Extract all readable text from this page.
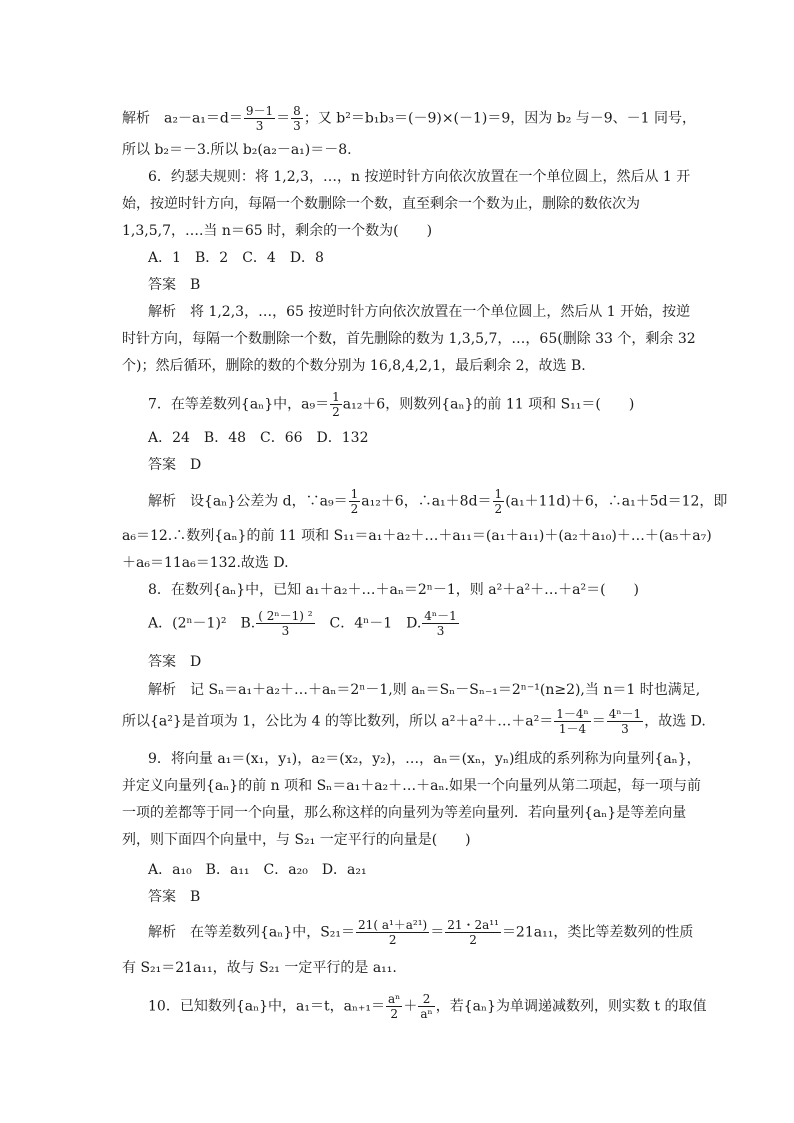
解析　$a_2-a_1=d= \frac{9-1}{3} = \frac{8}{3}$ ；又 b²＝b₁b₃＝(－9)×(－1)＝9，因为 b₂ 与－9、－1 同号，
所以 b₂＝－3.所以 b₂(a₂－a₁)＝－8.
6．约瑟夫规则：将 1,2,3，…，n 按逆时针方向依次放置在一个单位圆上，然后从 1 开
始，按逆时针方向，每隔一个数删除一个数，直至剩余一个数为止，删除的数依次为
1,3,5,7，….当 n＝65 时，剩余的一个数为(　　)
A．1　B．2　C．4　D．8
答案　B
解析　将 1,2,3，…，65 按逆时针方向依次放置在一个单位圆上，然后从 1 开始，按逆
时针方向，每隔一个数删除一个数，首先删除的数为 1,3,5,7，…，65(删除 33 个，剩余 32
个)；然后循环，删除的数的个数分别为 16,8,4,2,1，最后剩余 2，故选 B.
7．在等差数列{aₙ}中，$a_9= \frac{1}{2} a_{12}+6$，则数列{aₙ}的前 11 项和 S₁₁＝(　　)
A．24　B．48　C．66　D．132
答案　D
解析　设{aₙ}公差为 d，∵a₉＝ $\frac{1}{2} a_{12}+6$，∴a₁＋8d＝ $\frac{1}{2} (a_1+11d)+6$，∴a₁＋5d＝12，即
a₆＝12.∴数列{aₙ}的前 11 项和 S₁₁＝a₁＋a₂＋…＋a₁₁＝(a₁＋a₁₁)＋(a₂＋a₁₀)＋…＋(a₅＋a₇)
＋a₆＝11a₆＝132.故选 D.
8．在数列{aₙ}中，已知 a₁＋a₂＋…＋aₙ＝2ⁿ－1，则 a²＋a²＋…＋a²＝(　　)
A．(2ⁿ－1)²　B. $\frac{\text{( 2ⁿ－1) ²}}{3}$ 　C．4ⁿ－1　D. $\frac{\text{4ⁿ－1}}{3}$
答案　D
解析　记 Sₙ＝a₁＋a₂＋…＋aₙ＝2ⁿ－1,则 aₙ＝Sₙ－Sₙ₋₁＝2ⁿ⁻¹(n≥2),当 n＝1 时也满足,
所以{a²}是首项为 1，公比为 4 的等比数列，所以 a²＋a²＋…＋a²＝ $\frac{\text{1－4ⁿ}}{1-4} = \frac{\text{4ⁿ－1}}{3}$ ，故选 D.
9．将向量 a₁＝(x₁，y₁)，a₂＝(x₂，y₂)，…，aₙ＝(xₙ，yₙ)组成的系列称为向量列{aₙ}，
并定义向量列{aₙ}的前 n 项和 Sₙ＝a₁＋a₂＋…＋aₙ.如果一个向量列从第二项起，每一项与前
一项的差都等于同一个向量，那么称这样的向量列为等差向量列．若向量列{aₙ}是等差向量
列，则下面四个向量中，与 S₂₁ 一定平行的向量是(　　)
A．a₁₀　B．a₁₁　C．a₂₀　D．a₂₁
答案　B
解析　在等差数列{aₙ}中，$S_{21}= \frac{\text{21( a¹＋a²¹)}}{2} = \frac{\text{21・2a¹¹}}{2} =21a_{11}$，类比等差数列的性质
有 S₂₁＝21a₁₁，故与 S₂₁ 一定平行的是 a₁₁.
10．已知数列{aₙ}中，a₁＝t，$a_{n+1}= \frac{\text{aⁿ}}{2} + \frac{2}{\text{aⁿ}}$ ，若{aₙ}为单调递减数列，则实数 t 的取值
